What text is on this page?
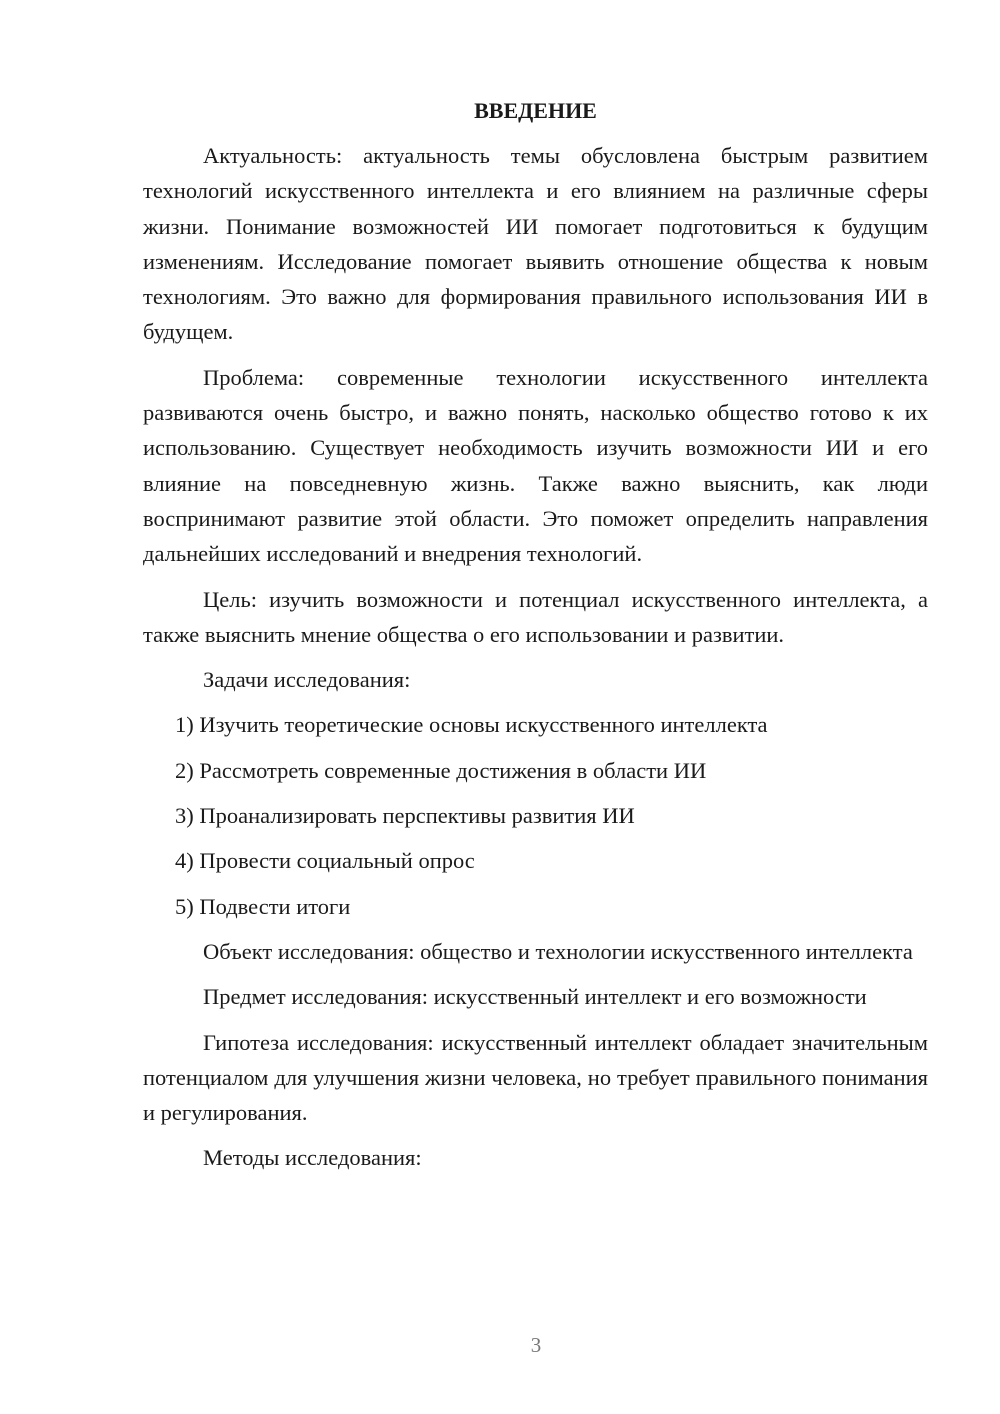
ВВЕДЕНИЕ

Актуальность: актуальность темы обусловлена быстрым развитием технологий искусственного интеллекта и его влиянием на различные сферы жизни. Понимание возможностей ИИ помогает подготовиться к будущим изменениям. Исследование помогает выявить отношение общества к новым технологиям. Это важно для формирования правильного использования ИИ в будущем.

Проблема: современные технологии искусственного интеллекта развиваются очень быстро, и важно понять, насколько общество готово к их использованию. Существует необходимость изучить возможности ИИ и его влияние на повседневную жизнь. Также важно выяснить, как люди воспринимают развитие этой области. Это поможет определить направления дальнейших исследований и внедрения технологий.

Цель: изучить возможности и потенциал искусственного интеллекта, а также выяснить мнение общества о его использовании и развитии.

Задачи исследования:

1) Изучить теоретические основы искусственного интеллекта

2) Рассмотреть современные достижения в области ИИ

3) Проанализировать перспективы развития ИИ

4) Провести социальный опрос

5) Подвести итоги

Объект исследования: общество и технологии искусственного интеллекта

Предмет исследования: искусственный интеллект и его возможности

Гипотеза исследования: искусственный интеллект обладает значительным потенциалом для улучшения жизни человека, но требует правильного понимания и регулирования.

Методы исследования:

3
